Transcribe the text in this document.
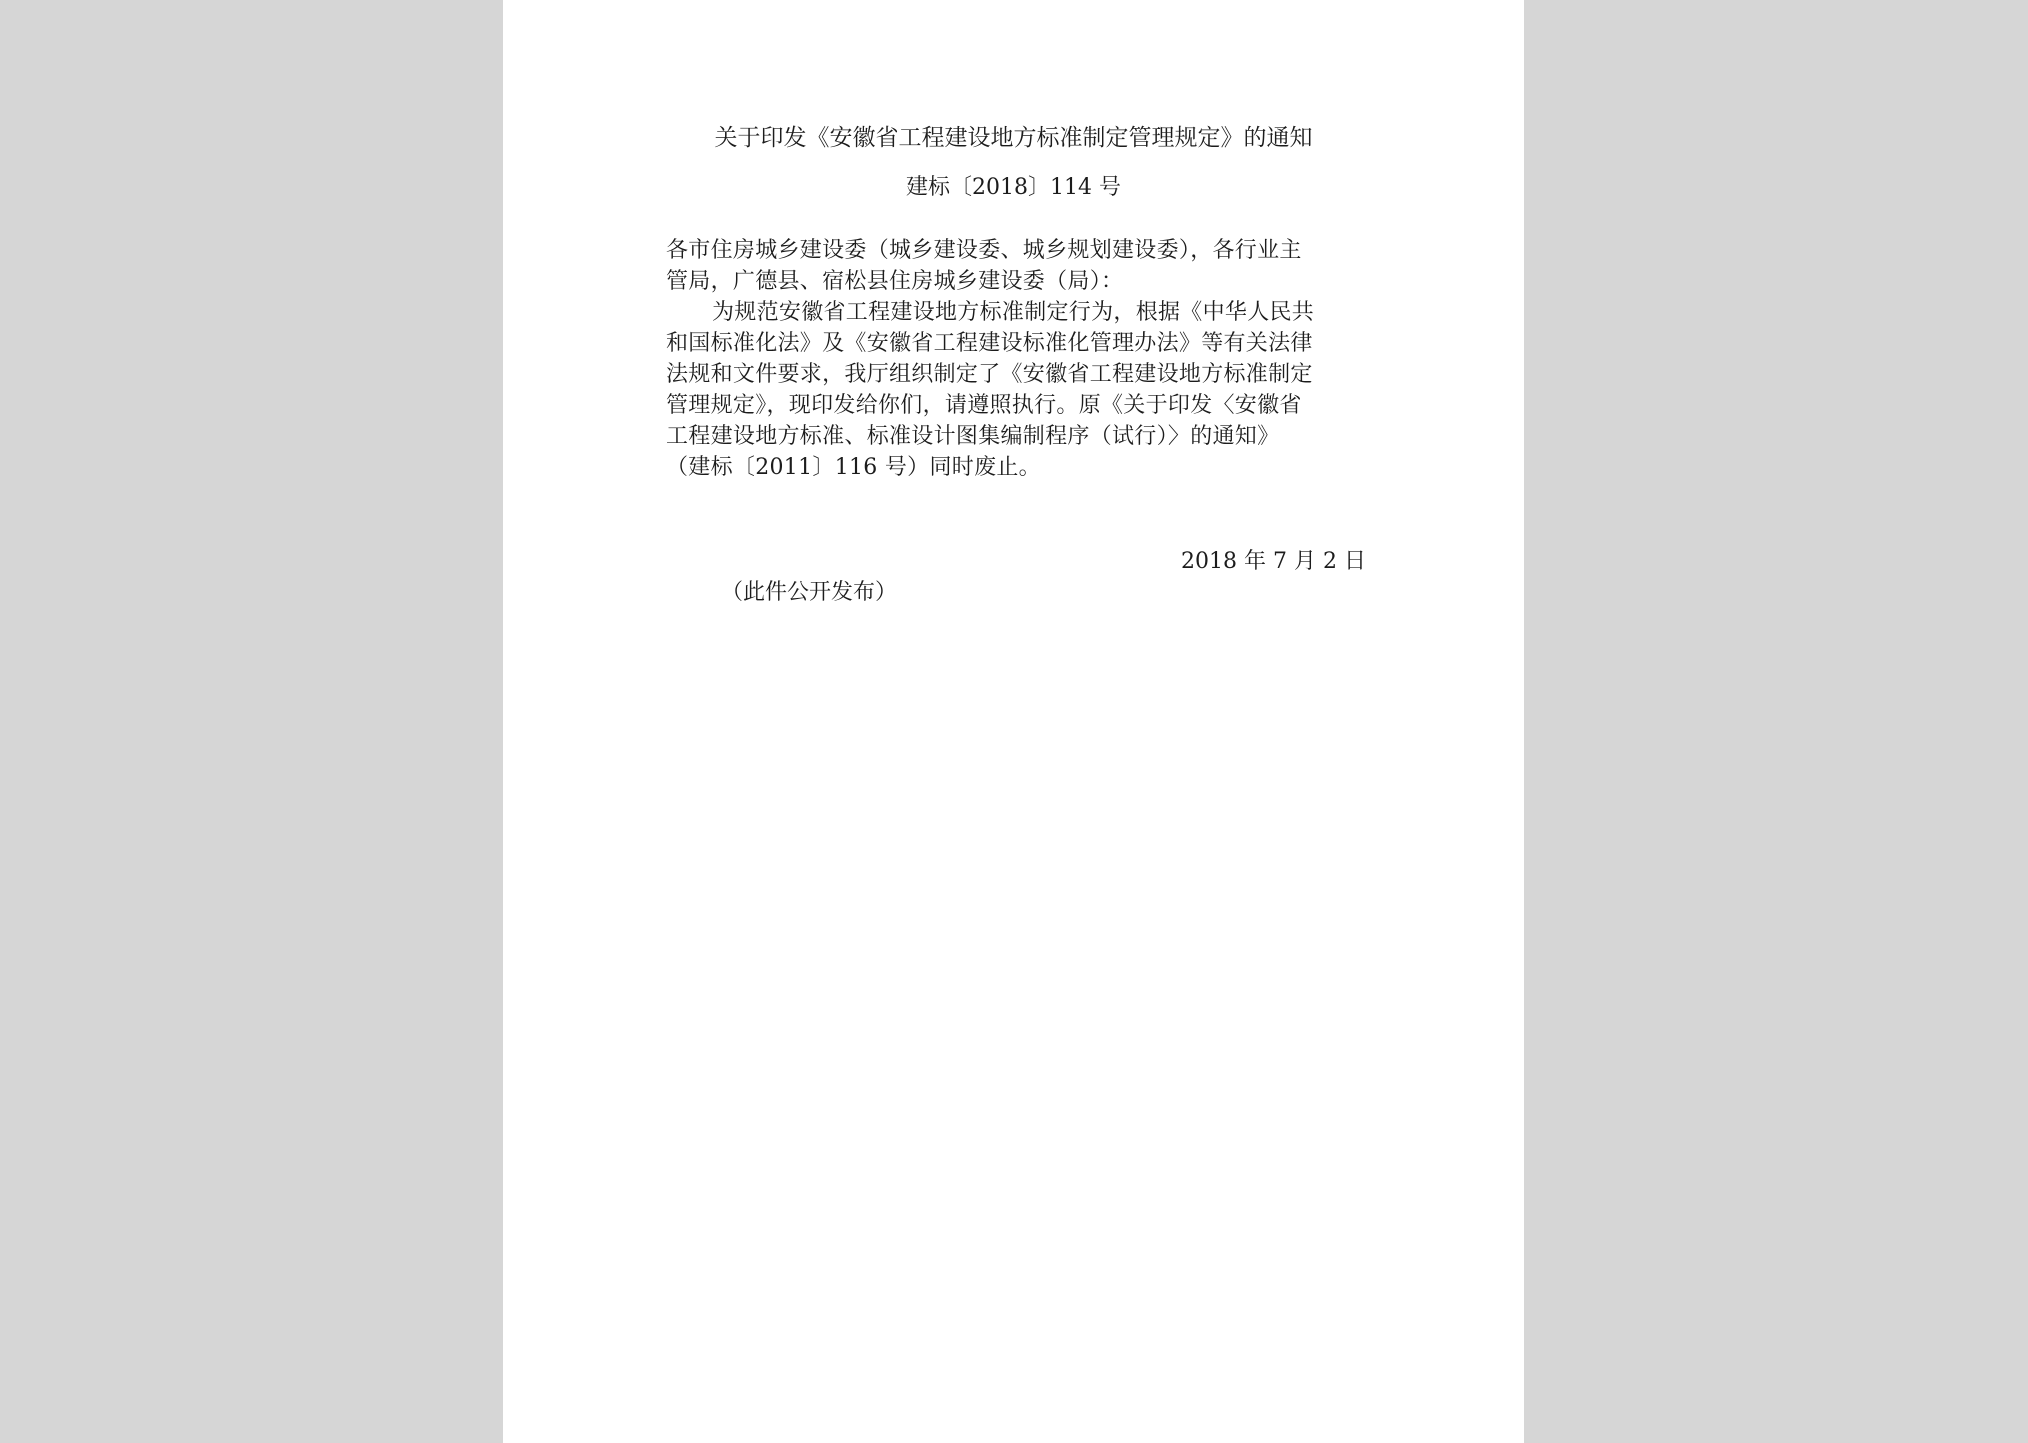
关于印发《安徽省工程建设地方标准制定管理规定》的通知
建标〔2018〕114 号
各市住房城乡建设委（城乡建设委、城乡规划建设委），各行业主
管局，广德县、宿松县住房城乡建设委（局）：
为规范安徽省工程建设地方标准制定行为，根据《中华人民共
和国标准化法》及《安徽省工程建设标准化管理办法》等有关法律
法规和文件要求，我厅组织制定了《安徽省工程建设地方标准制定
管理规定》，现印发给你们，请遵照执行。原《关于印发〈安徽省
工程建设地方标准、标准设计图集编制程序（试行）〉的通知》
（建标〔2011〕116 号）同时废止。
2018 年 7 月 2 日
（此件公开发布）
